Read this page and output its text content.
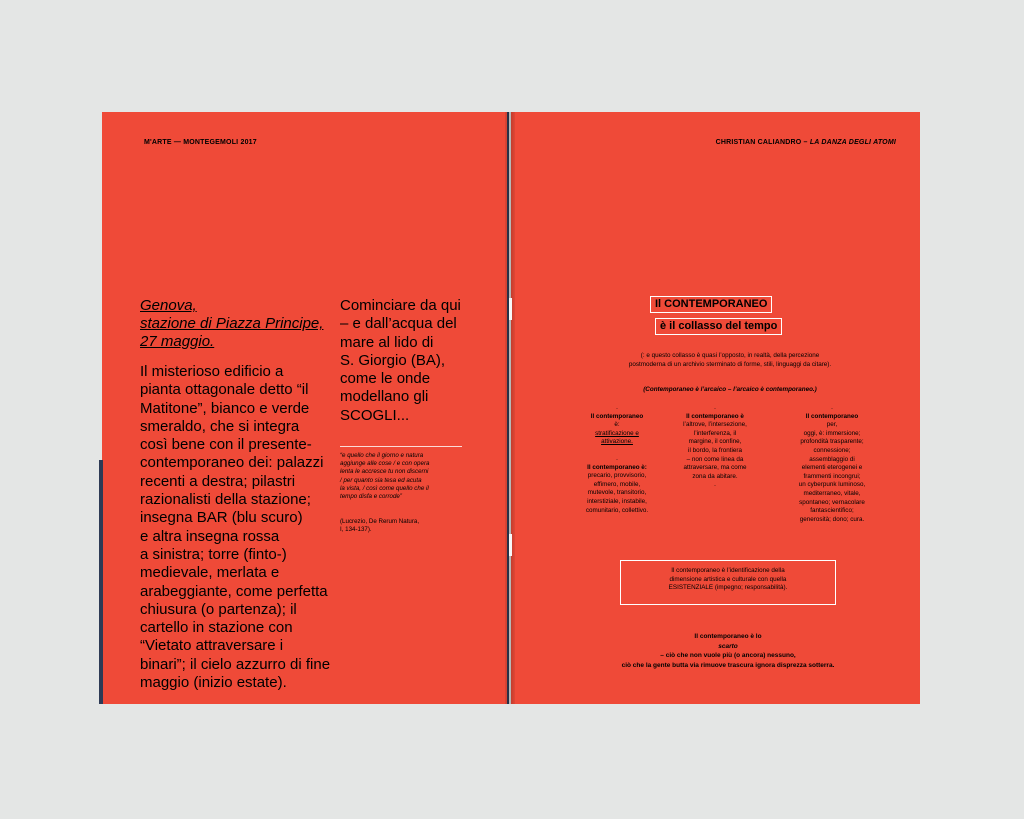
M'ARTE — MONTEGEMOLI 2017	CHRISTIAN CALIANDRO – LA DANZA DEGLI ATOMI
Genova,
stazione di Piazza Principe,
27 maggio.
Il misterioso edificio a
pianta ottagonale detto “il
Matitone”, bianco e verde
smeraldo, che si integra
così bene con il presente-
contemporaneo dei: palazzi
recenti a destra; pilastri
razionalisti della stazione;
insegna BAR (blu scuro)
e altra insegna rossa
a sinistra; torre (finto-)
medievale, merlata e
arabeggiante, come perfetta
chiusura (o partenza); il
cartello in stazione con
“Vietato attraversare i
binari”; il cielo azzurro di fine
maggio (inizio estate).
Cominciare da qui
– e dall’acqua del
mare al lido di
S. Giorgio (BA),
come le onde
modellano gli
SCOGLI...
“e quello che il giorno e natura
aggiunge alle cose / e con opera
lenta le accresce tu non discerni
/ per quanto sia tesa ed acuta
la vista, / così come quello che il
tempo disfa e corrode”
(Lucrezio, De Rerum Natura,
I, 134-137).
Il CONTEMPORANEO
è il collasso del tempo
(: e questo collasso è quasi l’opposto, in realtà, della percezione
postmoderna di un archivio sterminato di forme, stili, linguaggi da citare).
(Contemporaneo è l’arcaico – l’arcaico è contemporaneo.)
.
Il contemporaneo
è:
stratificazione e
attivazione.
.
Il contemporaneo è:
precario, provvisorio,
effimero, mobile,
mutevole, transitorio,
interstiziale, instabile,
comunitario, collettivo.
.
Il contemporaneo è
l’altrove, l’intersezione,
l’interferenza, il
margine, il confine,
il bordo, la frontiera
– non come linea da
attraversare, ma come
zona da abitare.
.
.
Il contemporaneo
per,
oggi, è: immersione;
profondità trasparente;
connessione;
assemblaggio di
elementi eterogenei e
frammenti incongrui;
un cyberpunk luminoso,
mediterraneo, vitale,
spontaneo; vernacolare
fantascientifico;
generosità; dono; cura.
Il contemporaneo è l’identificazione della
dimensione artistica e culturale con quella
ESISTENZIALE (impegno; responsabilità).
Il contemporaneo è lo
scarto
– ciò che non vuole più (o ancora) nessuno,
ciò che la gente butta via rimuove trascura ignora disprezza sotterra.
